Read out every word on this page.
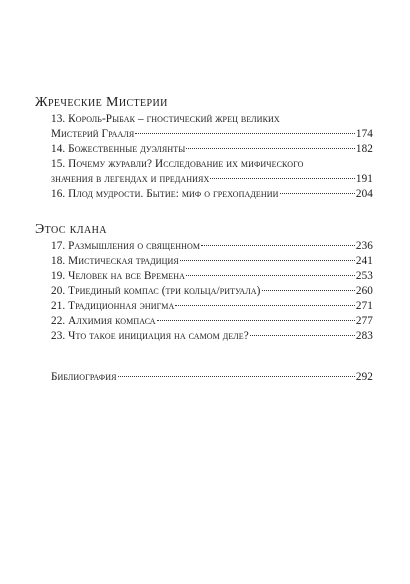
Жреческие Мистерии
13. Король-Рыбак – гностический жрец великих
Мистерий Грааля	174
14. Божественные дуэлянты	182
15. Почему журавли? Исследование их мифического
значения в легендах и преданиях	191
16. Плод мудрости. Бытие: миф о грехопадении	204
Этос клана
17. Размышления о священном	236
18. Мистическая традиция	241
19. Человек на все Времена	253
20. Триединый компас (три кольца/ритуала)	260
21. Традиционная энигма	271
22. Алхимия компаса	277
23. Что такое инициация на самом деле?	283
Библиография	292
